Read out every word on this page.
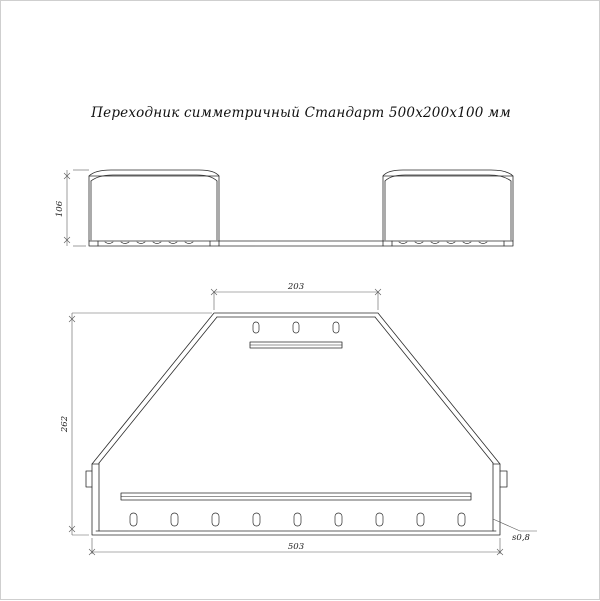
Переходник симметричный Стандарт 500х200х100 мм
106
203
262
503
s0,8
